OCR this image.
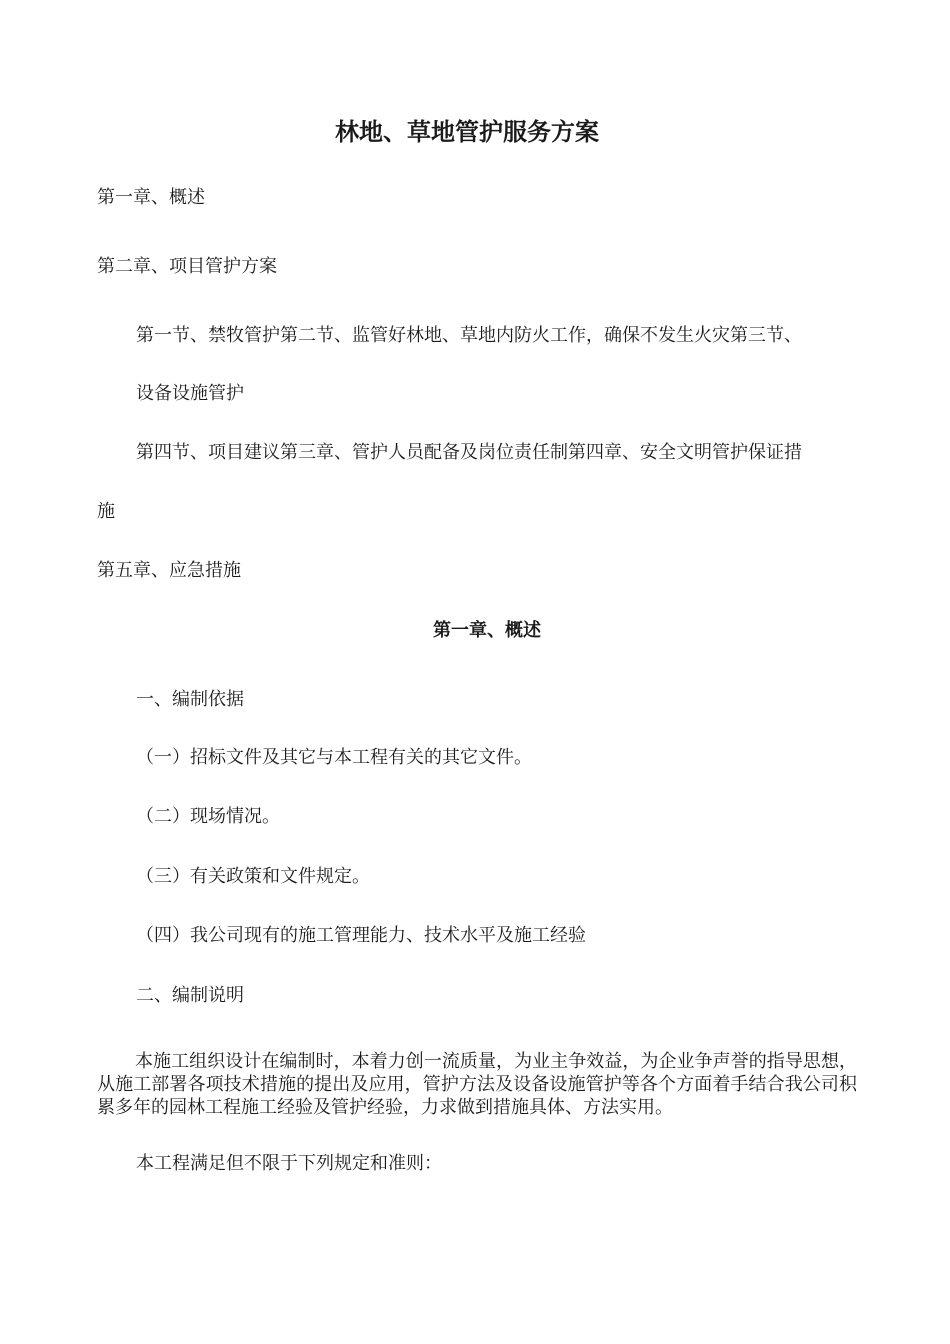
林地、草地管护服务方案

第一章、概述

第二章、项目管护方案

第一节、禁牧管护第二节、监管好林地、草地内防火工作，确保不发生火灾第三节、

设备设施管护

第四节、项目建议第三章、管护人员配备及岗位责任制第四章、安全文明管护保证措

施

第五章、应急措施

第一章、概述

一、编制依据

（一）招标文件及其它与本工程有关的其它文件。

（二）现场情况。

（三）有关政策和文件规定。

（四）我公司现有的施工管理能力、技术水平及施工经验

二、编制说明

本施工组织设计在编制时，本着力创一流质量，为业主争效益，为企业争声誉的指导思想，从施工部署各项技术措施的提出及应用，管护方法及设备设施管护等各个方面着手结合我公司积累多年的园林工程施工经验及管护经验，力求做到措施具体、方法实用。

本工程满足但不限于下列规定和准则：
